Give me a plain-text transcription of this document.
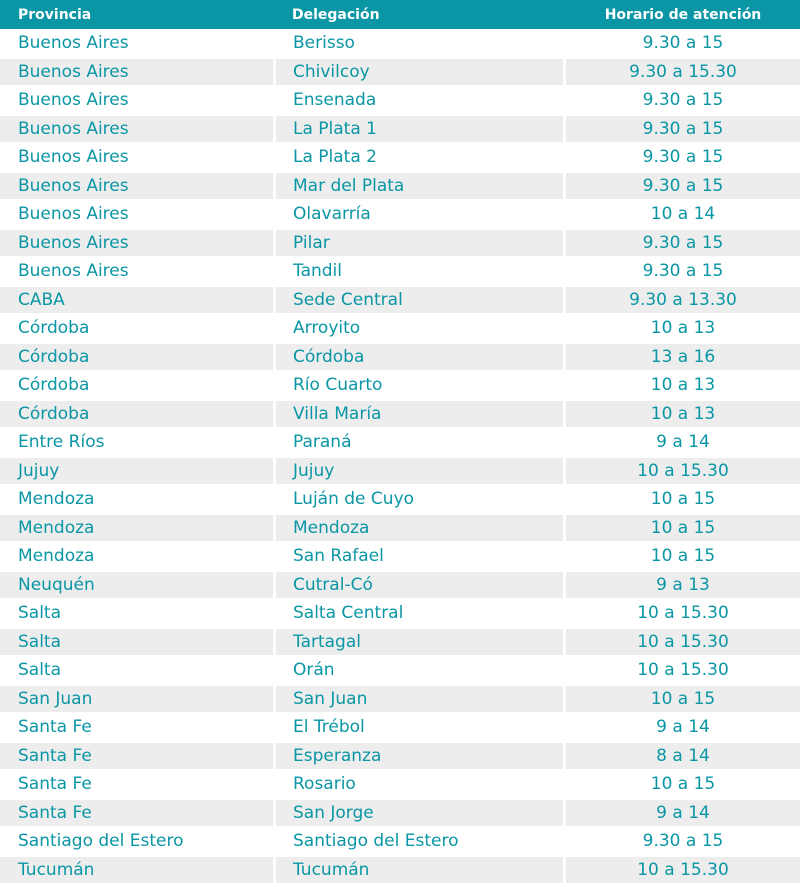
Provincia	Delegación	Horario de atención
Buenos Aires	Berisso	9.30 a 15
Buenos Aires	Chivilcoy	9.30 a 15.30
Buenos Aires	Ensenada	9.30 a 15
Buenos Aires	La Plata 1	9.30 a 15
Buenos Aires	La Plata 2	9.30 a 15
Buenos Aires	Mar del Plata	9.30 a 15
Buenos Aires	Olavarría	10 a 14
Buenos Aires	Pilar	9.30 a 15
Buenos Aires	Tandil	9.30 a 15
CABA	Sede Central	9.30 a 13.30
Córdoba	Arroyito	10 a 13
Córdoba	Córdoba	13 a 16
Córdoba	Río Cuarto	10 a 13
Córdoba	Villa María	10 a 13
Entre Ríos	Paraná	9 a 14
Jujuy	Jujuy	10 a 15.30
Mendoza	Luján de Cuyo	10 a 15
Mendoza	Mendoza	10 a 15
Mendoza	San Rafael	10 a 15
Neuquén	Cutral-Có	9 a 13
Salta	Salta Central	10 a 15.30
Salta	Tartagal	10 a 15.30
Salta	Orán	10 a 15.30
San Juan	San Juan	10 a 15
Santa Fe	El Trébol	9 a 14
Santa Fe	Esperanza	8 a 14
Santa Fe	Rosario	10 a 15
Santa Fe	San Jorge	9 a 14
Santiago del Estero	Santiago del Estero	9.30 a 15
Tucumán	Tucumán	10 a 15.30
